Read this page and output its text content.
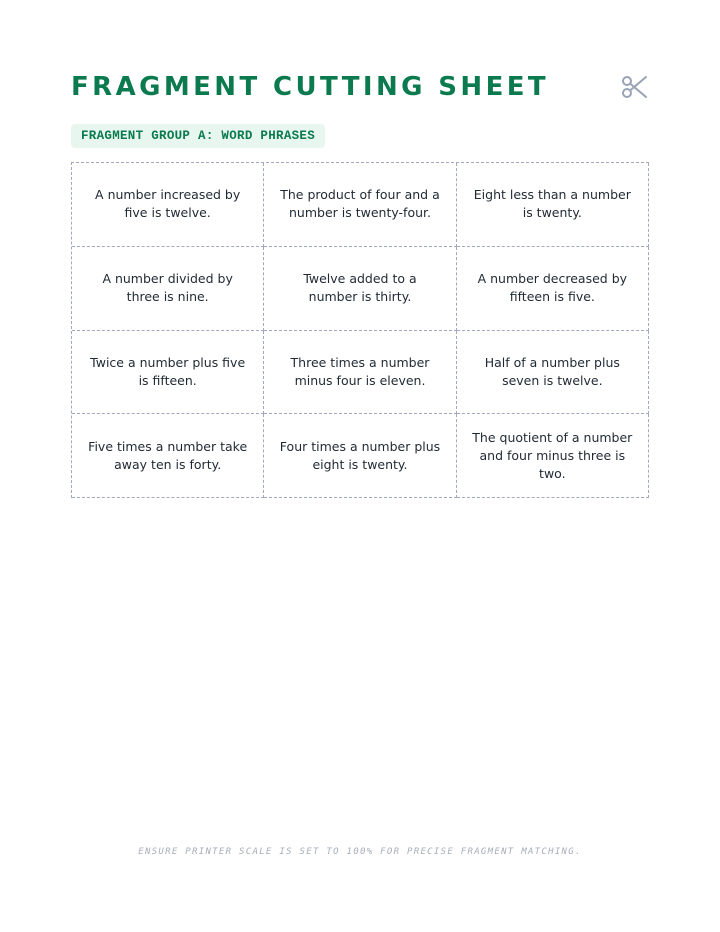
FRAGMENT CUTTING SHEET
FRAGMENT GROUP A: WORD PHRASES
A number increased by five is twelve.
The product of four and a number is twenty-four.
Eight less than a number is twenty.
A number divided by three is nine.
Twelve added to a number is thirty.
A number decreased by fifteen is five.
Twice a number plus five is fifteen.
Three times a number minus four is eleven.
Half of a number plus seven is twelve.
Five times a number take away ten is forty.
Four times a number plus eight is twenty.
The quotient of a number and four minus three is two.
ENSURE PRINTER SCALE IS SET TO 100% FOR PRECISE FRAGMENT MATCHING.
